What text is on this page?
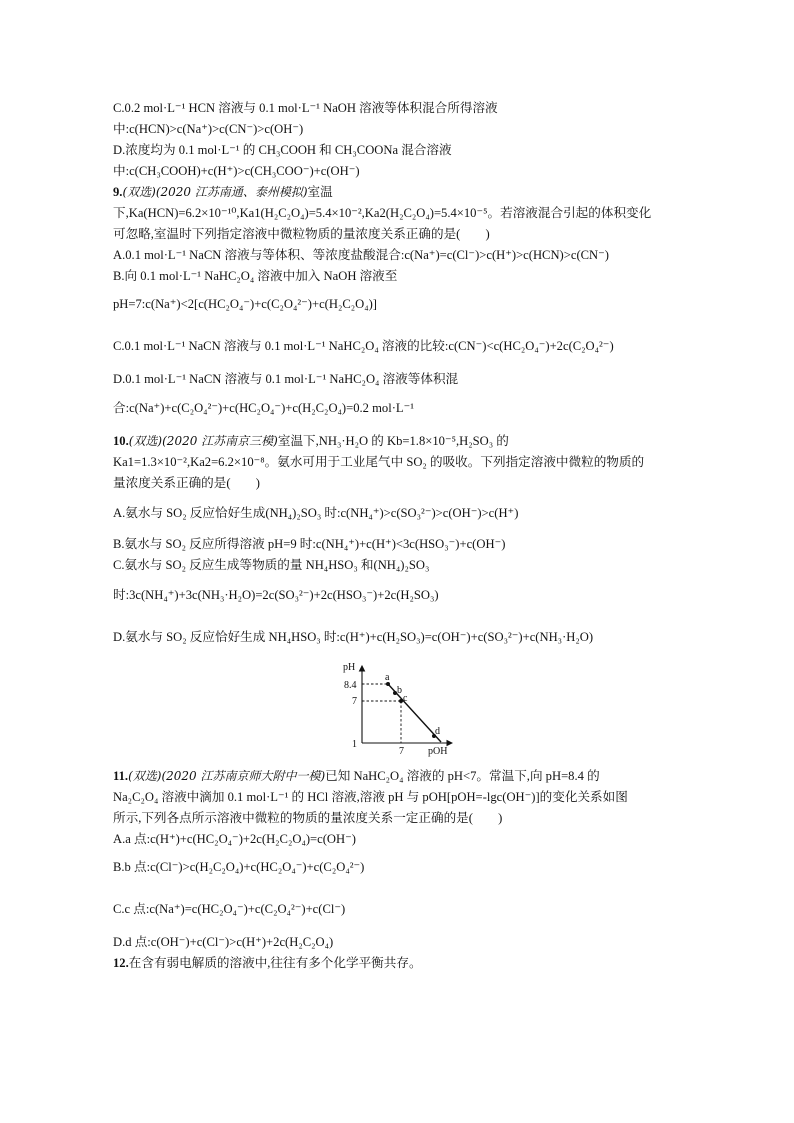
C.0.2 mol·L⁻¹ HCN 溶液与 0.1 mol·L⁻¹ NaOH 溶液等体积混合所得溶液
中:c(HCN)>c(Na⁺)>c(CN⁻)>c(OH⁻)
D.浓度均为 0.1 mol·L⁻¹ 的 CH₃COOH 和 CH₃COONa 混合溶液
中:c(CH₃COOH)+c(H⁺)>c(CH₃COO⁻)+c(OH⁻)
9.(双选)(2020 江苏南通、泰州模拟)室温
下,Ka(HCN)=6.2×10⁻¹⁰,Ka1(H₂C₂O₄)=5.4×10⁻²,Ka2(H₂C₂O₄)=5.4×10⁻⁵。若溶液混合引起的体积变化
可忽略,室温时下列指定溶液中微粒物质的量浓度关系正确的是(　　)
A.0.1 mol·L⁻¹ NaCN 溶液与等体积、等浓度盐酸混合:c(Na⁺)=c(Cl⁻)>c(H⁺)>c(HCN)>c(CN⁻)
B.向 0.1 mol·L⁻¹ NaHC₂O₄ 溶液中加入 NaOH 溶液至
pH=7:c(Na⁺)<2[c(HC₂O₄⁻)+c(C₂O₄²⁻)+c(H₂C₂O₄)]
C.0.1 mol·L⁻¹ NaCN 溶液与 0.1 mol·L⁻¹ NaHC₂O₄ 溶液的比较:c(CN⁻)<c(HC₂O₄⁻)+2c(C₂O₄²⁻)
D.0.1 mol·L⁻¹ NaCN 溶液与 0.1 mol·L⁻¹ NaHC₂O₄ 溶液等体积混
合:c(Na⁺)+c(C₂O₄²⁻)+c(HC₂O₄⁻)+c(H₂C₂O₄)=0.2 mol·L⁻¹
10.(双选)(2020 江苏南京三模)室温下,NH₃·H₂O 的 Kb=1.8×10⁻⁵,H₂SO₃ 的
Ka1=1.3×10⁻²,Ka2=6.2×10⁻⁸。氨水可用于工业尾气中 SO₂ 的吸收。下列指定溶液中微粒的物质的
量浓度关系正确的是(　　)
A.氨水与 SO₂ 反应恰好生成(NH₄)₂SO₃ 时:c(NH₄⁺)>c(SO₃²⁻)>c(OH⁻)>c(H⁺)
B.氨水与 SO₂ 反应所得溶液 pH=9 时:c(NH₄⁺)+c(H⁺)<3c(HSO₃⁻)+c(OH⁻)
C.氨水与 SO₂ 反应生成等物质的量 NH₄HSO₃ 和(NH₄)₂SO₃
时:3c(NH₄⁺)+3c(NH₃·H₂O)=2c(SO₃²⁻)+2c(HSO₃⁻)+2c(H₂SO₃)
D.氨水与 SO₂ 反应恰好生成 NH₄HSO₃ 时:c(H⁺)+c(H₂SO₃)=c(OH⁻)+c(SO₃²⁻)+c(NH₃·H₂O)
pH
pOH
8.4
7
1
7
a
b
c
d
11.(双选)(2020 江苏南京师大附中一模)已知 NaHC₂O₄ 溶液的 pH<7。常温下,向 pH=8.4 的
Na₂C₂O₄ 溶液中滴加 0.1 mol·L⁻¹ 的 HCl 溶液,溶液 pH 与 pOH[pOH=-lgc(OH⁻)]的变化关系如图
所示,下列各点所示溶液中微粒的物质的量浓度关系一定正确的是(　　)
A.a 点:c(H⁺)+c(HC₂O₄⁻)+2c(H₂C₂O₄)=c(OH⁻)
B.b 点:c(Cl⁻)>c(H₂C₂O₄)+c(HC₂O₄⁻)+c(C₂O₄²⁻)
C.c 点:c(Na⁺)=c(HC₂O₄⁻)+c(C₂O₄²⁻)+c(Cl⁻)
D.d 点:c(OH⁻)+c(Cl⁻)>c(H⁺)+2c(H₂C₂O₄)
12.在含有弱电解质的溶液中,往往有多个化学平衡共存。
